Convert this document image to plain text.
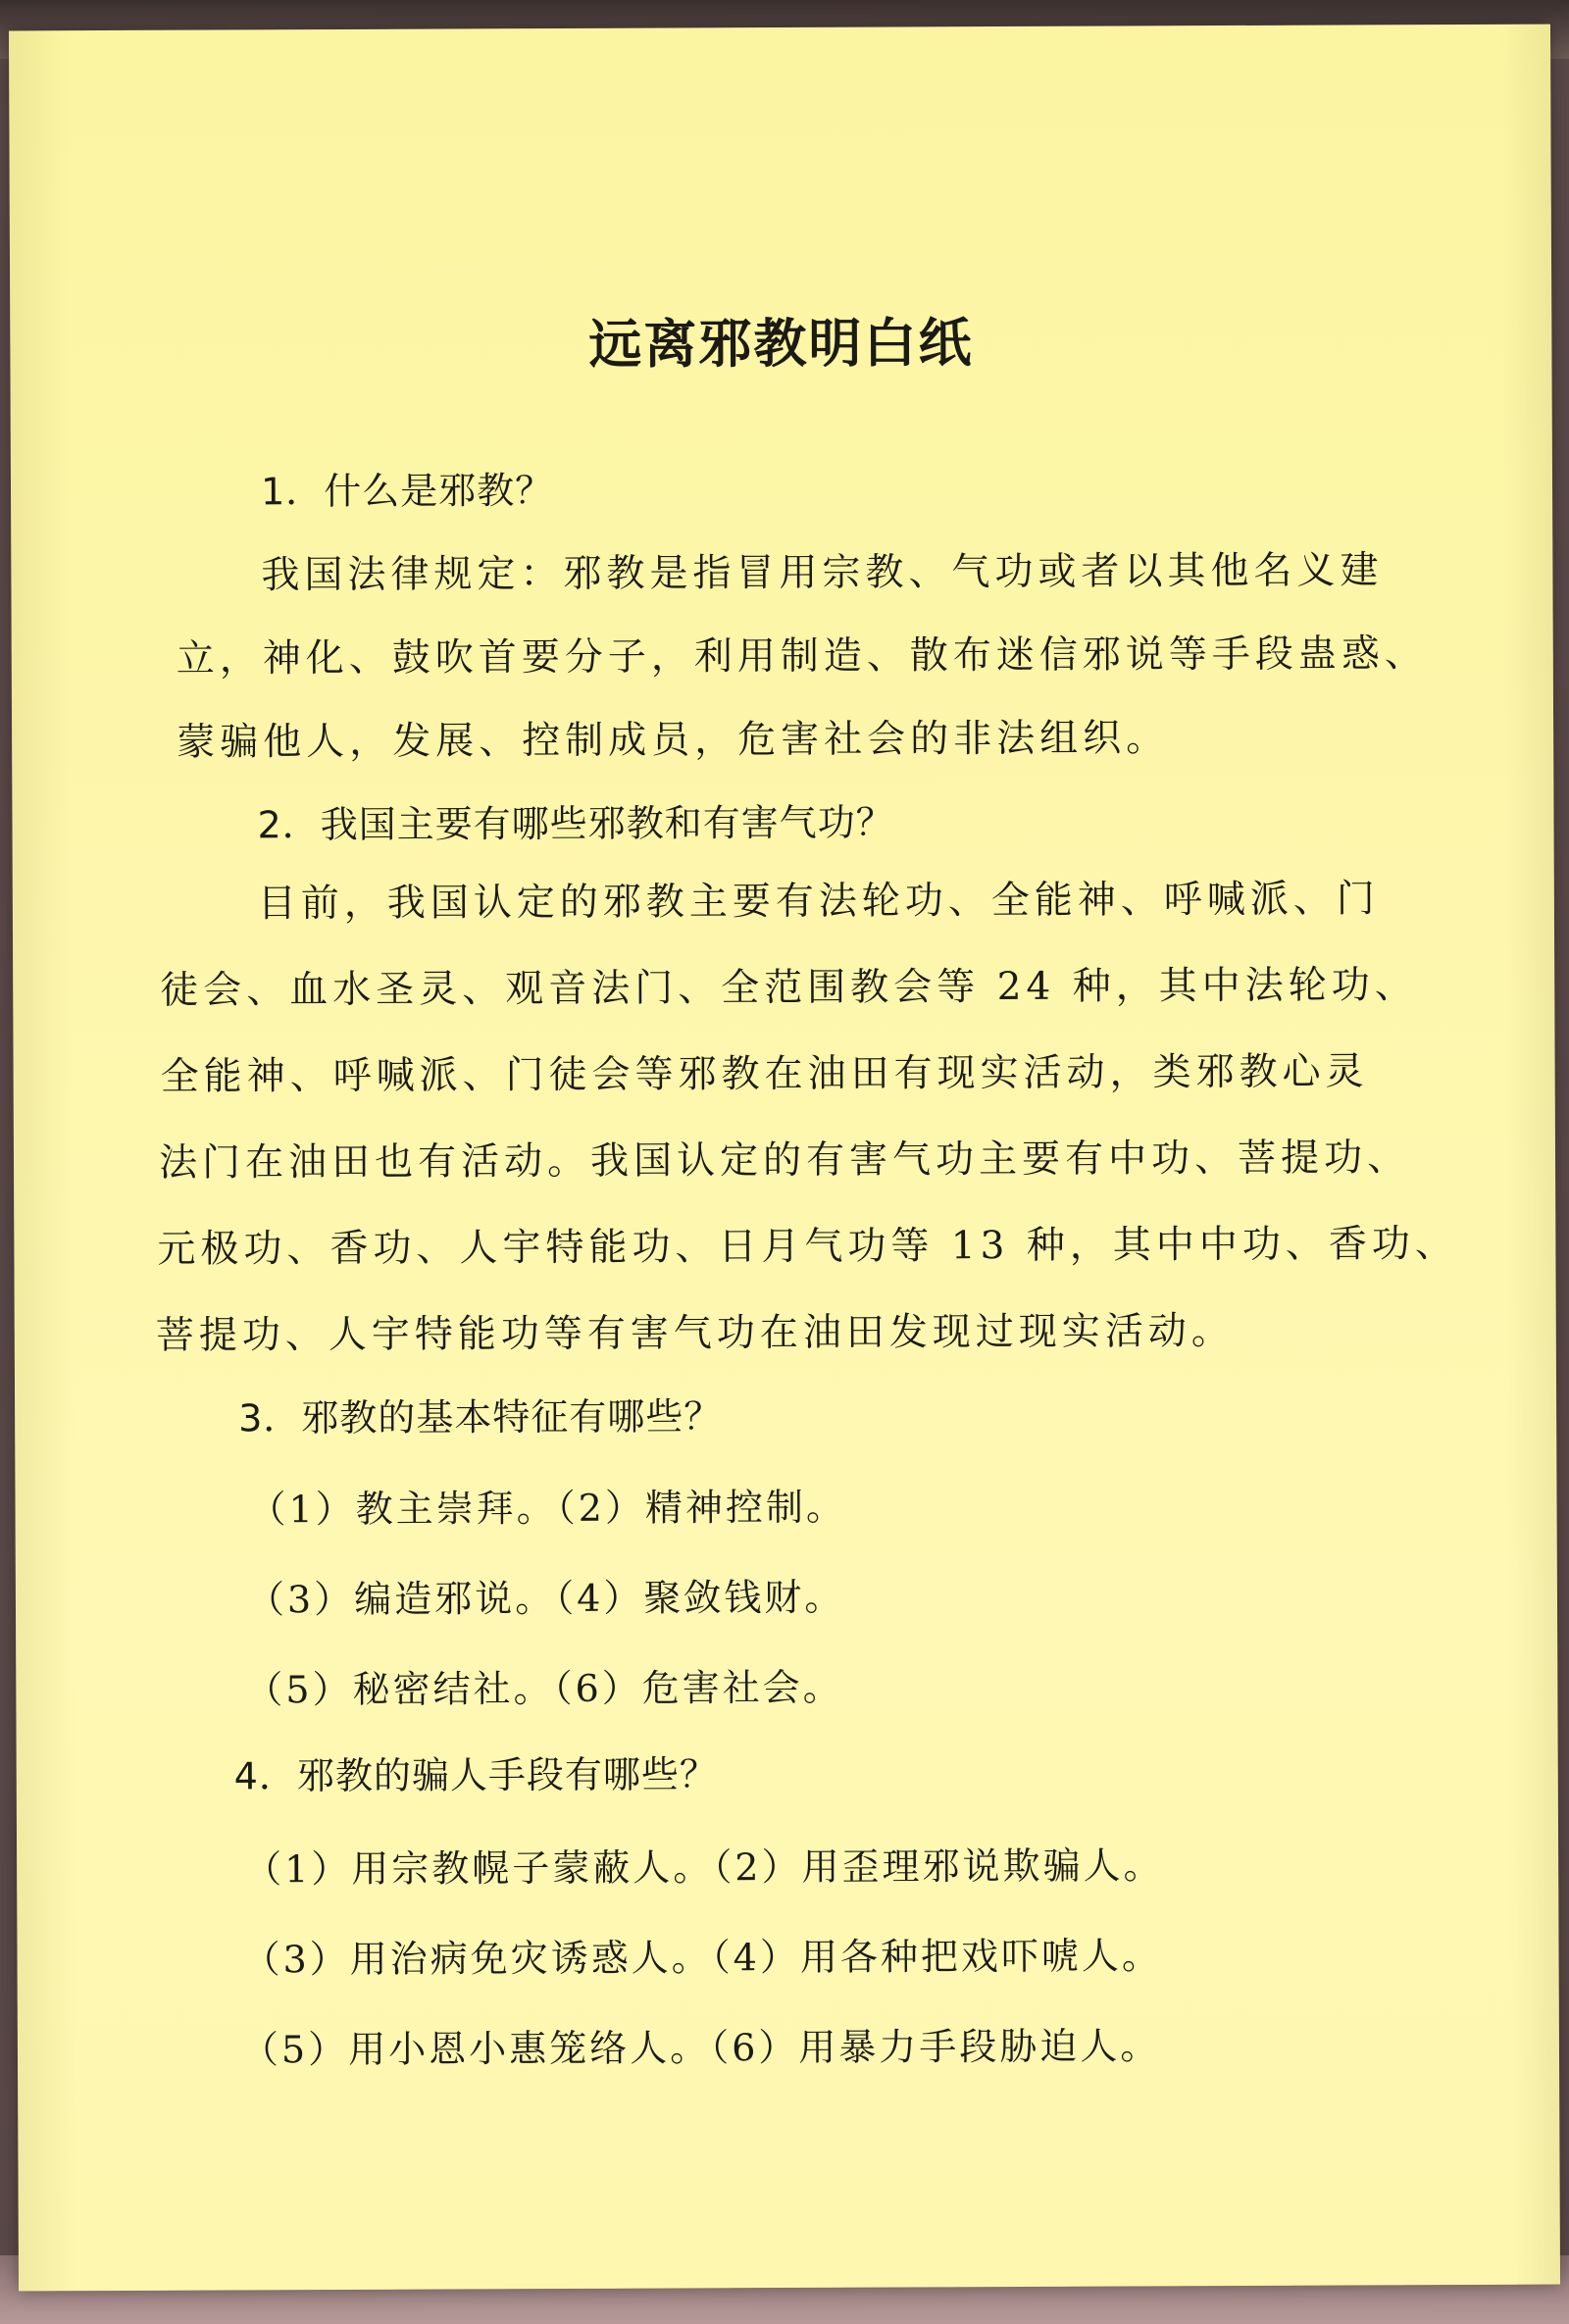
远离邪教明白纸
1．什么是邪教？
我国法律规定：邪教是指冒用宗教、气功或者以其他名义建
立，神化、鼓吹首要分子，利用制造、散布迷信邪说等手段蛊惑、
蒙骗他人，发展、控制成员，危害社会的非法组织。
2．我国主要有哪些邪教和有害气功？
目前，我国认定的邪教主要有法轮功、全能神、呼喊派、门
徒会、血水圣灵、观音法门、全范围教会等 24 种，其中法轮功、
全能神、呼喊派、门徒会等邪教在油田有现实活动，类邪教心灵
法门在油田也有活动。我国认定的有害气功主要有中功、菩提功、
元极功、香功、人宇特能功、日月气功等 13 种，其中中功、香功、
菩提功、人宇特能功等有害气功在油田发现过现实活动。
3．邪教的基本特征有哪些？
（1）教主崇拜。（2）精神控制。
（3）编造邪说。（4）聚敛钱财。
（5）秘密结社。（6）危害社会。
4．邪教的骗人手段有哪些？
（1）用宗教幌子蒙蔽人。（2）用歪理邪说欺骗人。
（3）用治病免灾诱惑人。（4）用各种把戏吓唬人。
（5）用小恩小惠笼络人。（6）用暴力手段胁迫人。
